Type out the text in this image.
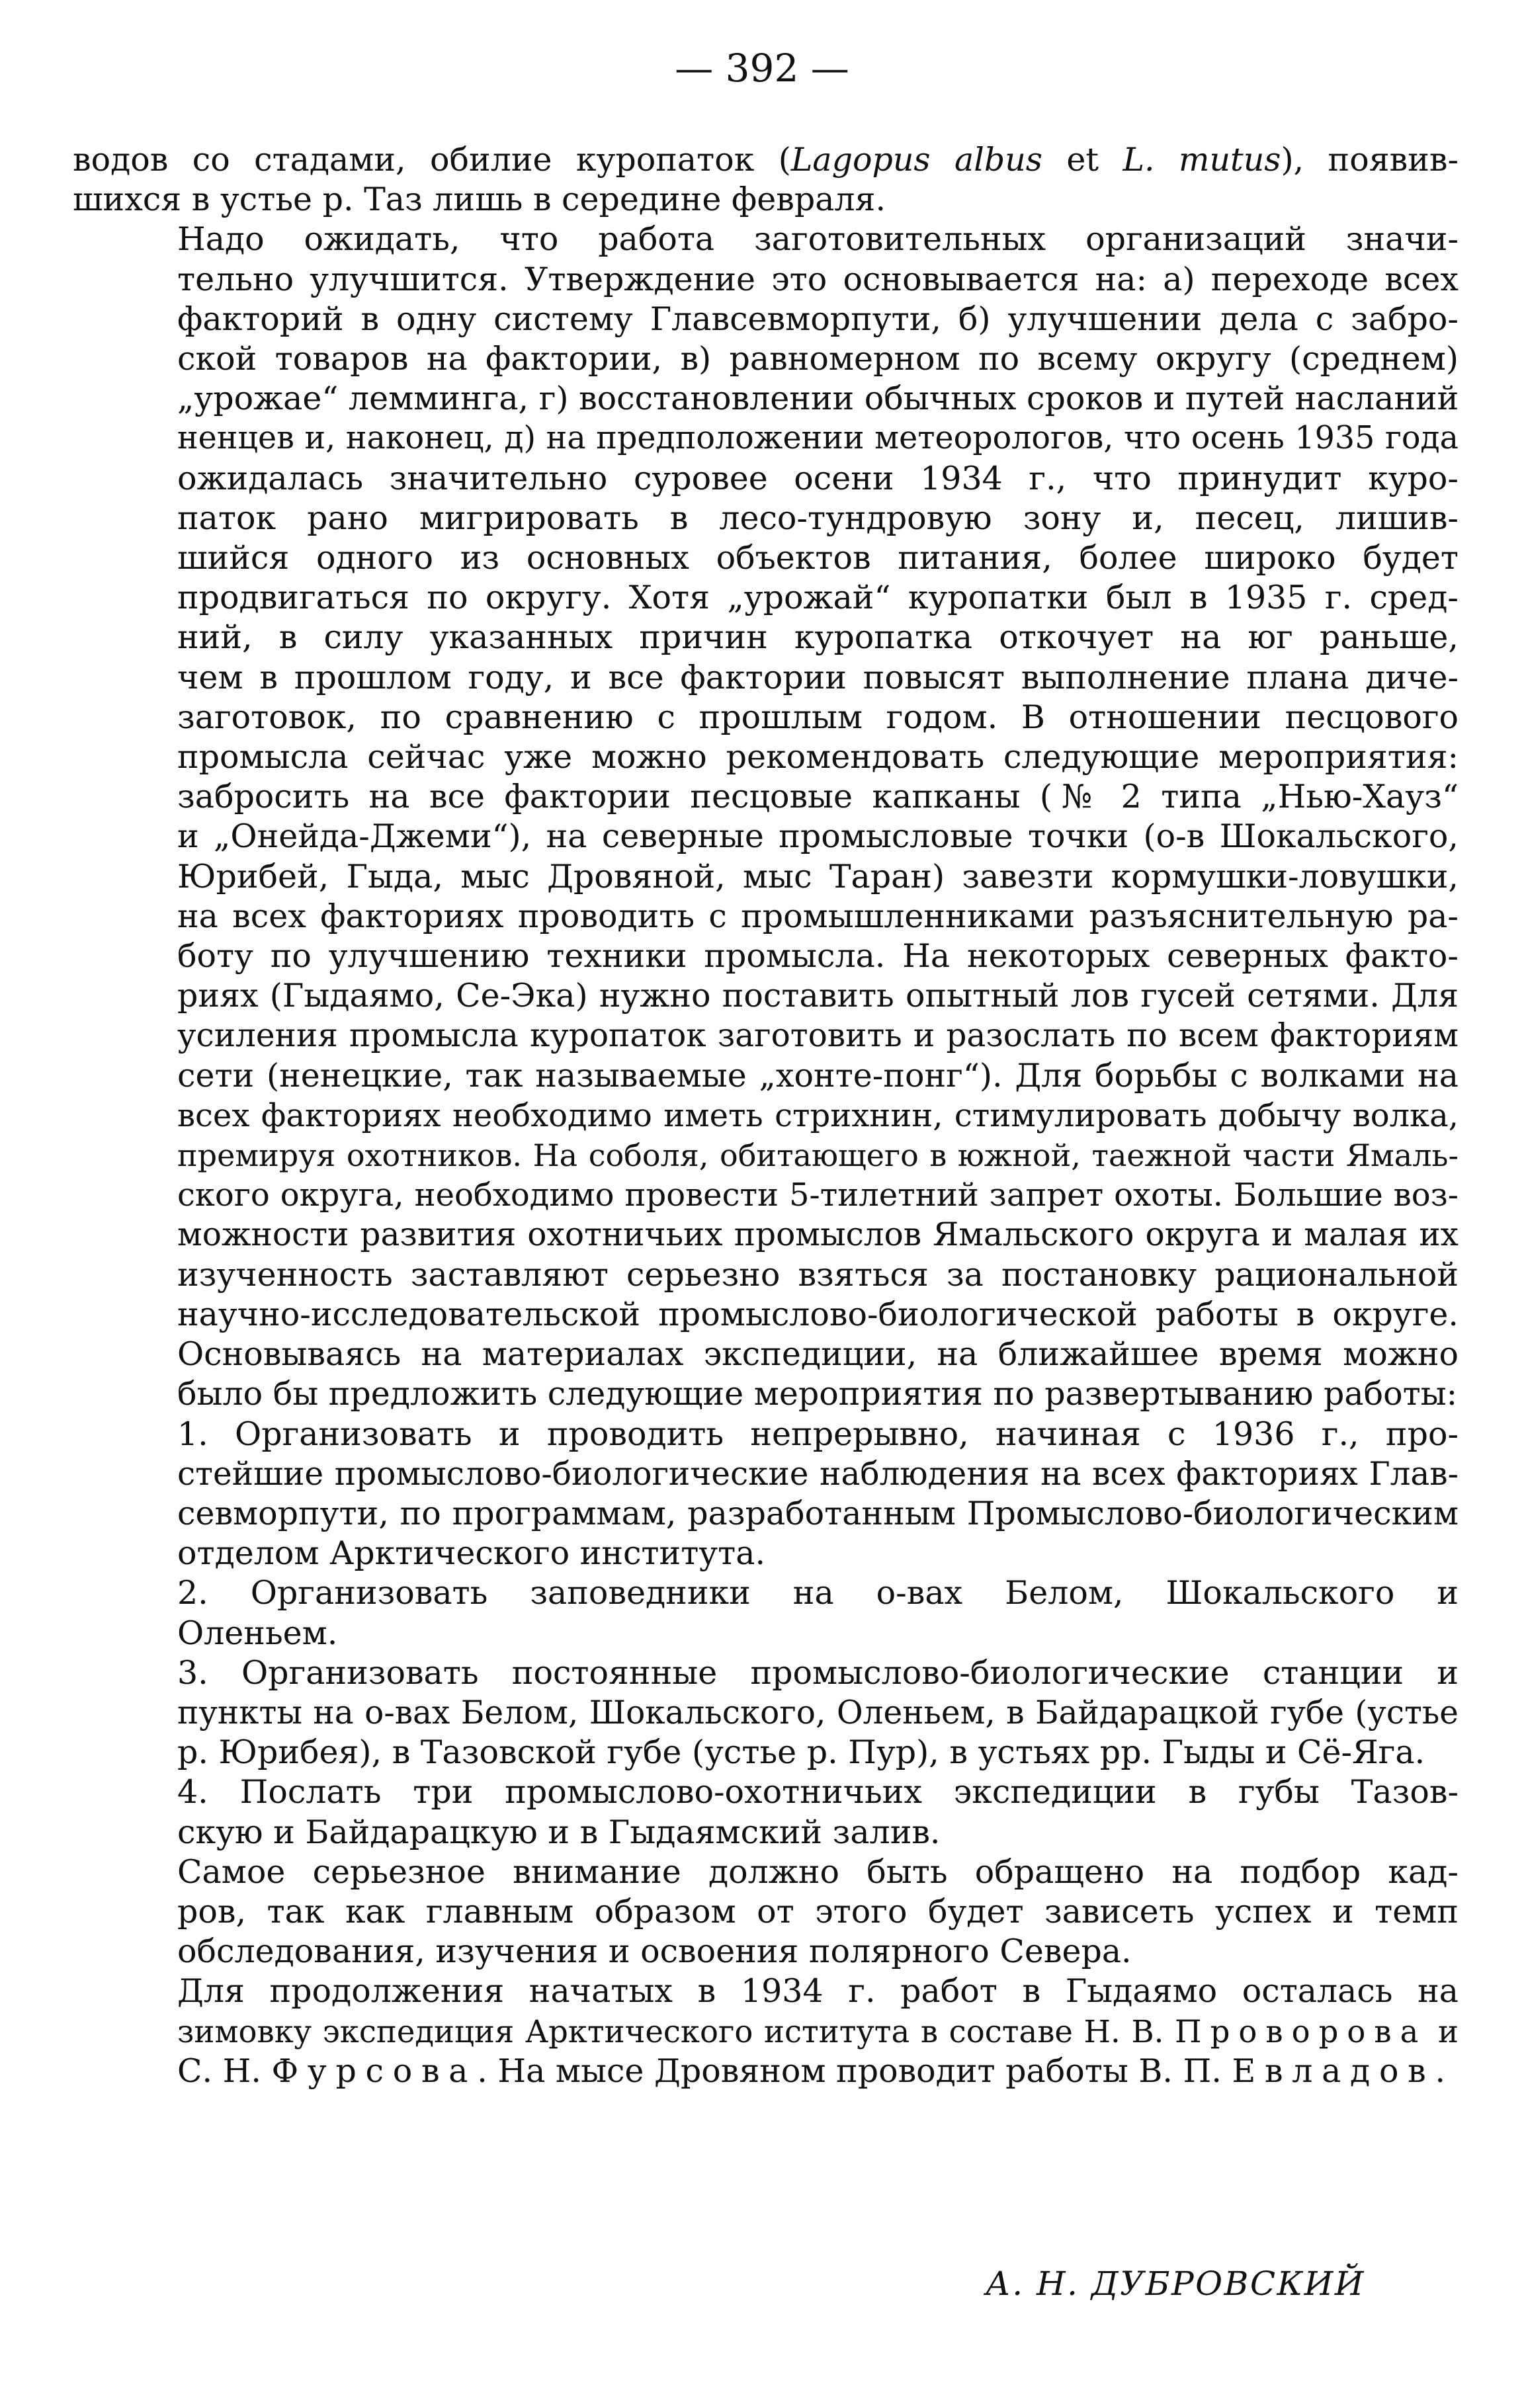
— 392 —

водов со стадами, обилие куропаток (Lagopus albus et L. mutus), появив-
шихся в устье р. Таз лишь в середине февраля.

Надо ожидать, что работа заготовительных организаций значи-
тельно улучшится. Утверждение это основывается на: а) переходе всех
факторий в одну систему Главсевморпути, б) улучшении дела с забро-
ской товаров на фактории, в) равномерном по всему округу (среднем)
„урожае“ лемминга, г) восстановлении обычных сроков и путей насланий
ненцев и, наконец, д) на предположении метеорологов, что осень 1935 года
ожидалась значительно суровее осени 1934 г., что принудит куро-
паток рано мигрировать в лесо-тундровую зону и, песец, лишив-
шийся одного из основных объектов питания, более широко будет
продвигаться по округу. Хотя „урожай“ куропатки был в 1935 г. сред-
ний, в силу указанных причин куропатка откочует на юг раньше,
чем в прошлом году, и все фактории повысят выполнение плана диче-
заготовок, по сравнению с прошлым годом. В отношении песцового
промысла сейчас уже можно рекомендовать следующие мероприятия:
забросить на все фактории песцовые капканы (№ 2 типа „Нью-Хауз“
и „Онейда-Джеми“), на северные промысловые точки (о-в Шокальского,
Юрибей, Гыда, мыс Дровяной, мыс Таран) завезти кормушки-ловушки,
на всех факториях проводить с промышленниками разъяснительную ра-
боту по улучшению техники промысла. На некоторых северных факто-
риях (Гыдаямо, Се-Эка) нужно поставить опытный лов гусей сетями. Для
усиления промысла куропаток заготовить и разослать по всем факториям
сети (ненецкие, так называемые „хонте-понг“). Для борьбы с волками на
всех факториях необходимо иметь стрихнин, стимулировать добычу волка,
премируя охотников. На соболя, обитающего в южной, таежной части Ямаль-
ского округа, необходимо провести 5-тилетний запрет охоты. Большие воз-
можности развития охотничьих промыслов Ямальского округа и малая их
изученность заставляют серьезно взяться за постановку рациональной
научно-исследовательской промыслово-биологической работы в округе.
Основываясь на материалах экспедиции, на ближайшее время можно
было бы предложить следующие мероприятия по развертыванию работы:

1. Организовать и проводить непрерывно, начиная с 1936 г., про-
стейшие промыслово-биологические наблюдения на всех факториях Глав-
севморпути, по программам, разработанным Промыслово-биологическим
отделом Арктического института.

2. Организовать заповедники на о-вах Белом, Шокальского и
Оленьем.

3. Организовать постоянные промыслово-биологические станции и
пункты на о-вах Белом, Шокальского, Оленьем, в Байдарацкой губе (устье
р. Юрибея), в Тазовской губе (устье р. Пур), в устьях рр. Гыды и Сё-Яга.

4. Послать три промыслово-охотничьих экспедиции в губы Тазов-
скую и Байдарацкую и в Гыдаямский залив.

Самое серьезное внимание должно быть обращено на подбор кад-
ров, так как главным образом от этого будет зависеть успех и темп
обследования, изучения и освоения полярного Севера.

Для продолжения начатых в 1934 г. работ в Гыдаямо осталась на
зимовку экспедиция Арктического иститута в составе Н. В. Проворова и
С. Н. Фурсова. На мысе Дровяном проводит работы В. П. Евладов.

А. Н. ДУБРОВСКИЙ
